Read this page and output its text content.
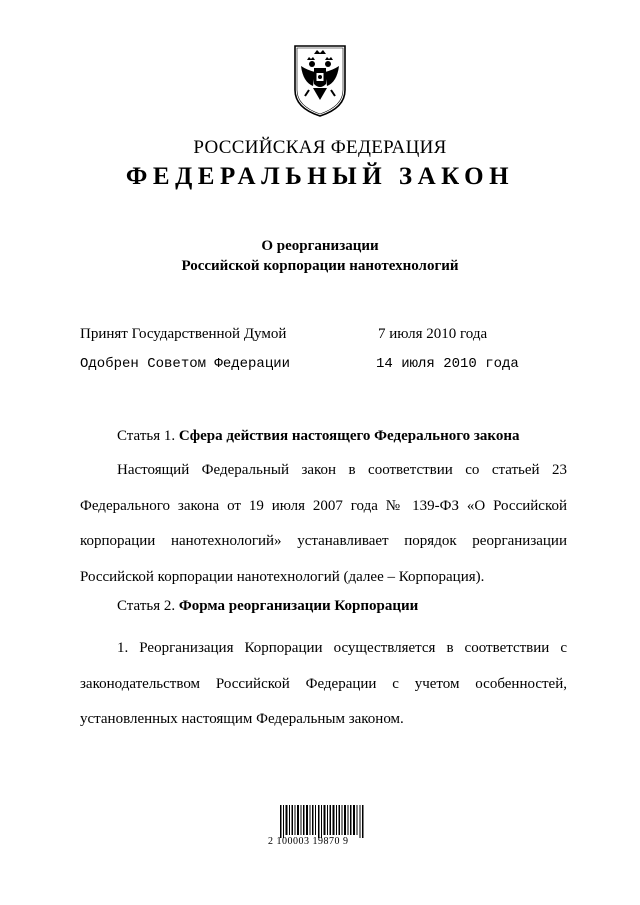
РОССИЙСКАЯ ФЕДЕРАЦИЯ
ФЕДЕРАЛЬНЫЙ ЗАКОН
О реорганизации
Российской корпорации нанотехнологий
Принят Государственной Думой	7 июля 2010 года
Одобрен Советом Федерации	14 июля 2010 года
Статья 1. Сфера действия настоящего Федерального закона

Настоящий Федеральный закон в соответствии со статьей 23 Федерального закона от 19 июля 2007 года № 139-ФЗ «О Российской корпорации нанотехнологий» устанавливает порядок реорганизации Российской корпорации нанотехнологий (далее – Корпорация).

Статья 2. Форма реорганизации Корпорации

1. Реорганизация Корпорации осуществляется в соответствии с законодательством Российской Федерации с учетом особенностей, установленных настоящим Федеральным законом.

2 100003 19870 9
